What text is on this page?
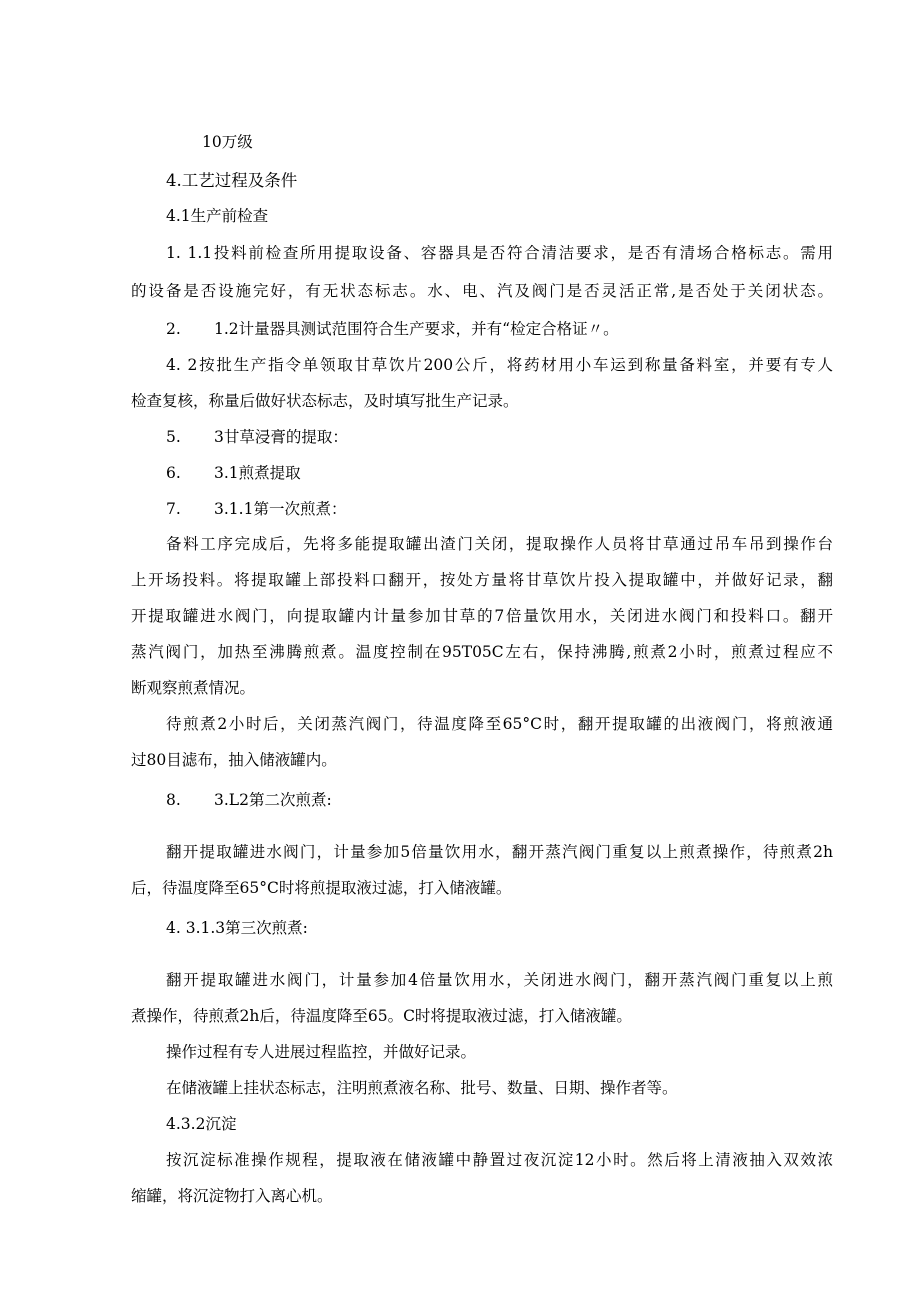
10万级

4.工艺过程及条件

4.1生产前检查

1. 1.1投料前检查所用提取设备、容器具是否符合清洁要求，是否有清场合格标志。需用

的设备是否设施完好，有无状态标志。水、电、汽及阀门是否灵活正常,是否处于关闭状态。

2. 1.2计量器具测试范围符合生产要求，并有“检定合格证〃。

4. 2按批生产指令单领取甘草饮片200公斤，将药材用小车运到称量备料室，并要有专人

检查复核，称量后做好状态标志，及时填写批生产记录。

5. 3甘草浸膏的提取：

6. 3.1煎煮提取

7. 3.1.1第一次煎煮：

备料工序完成后，先将多能提取罐出渣门关闭，提取操作人员将甘草通过吊车吊到操作台

上开场投料。将提取罐上部投料口翻开，按处方量将甘草饮片投入提取罐中，并做好记录，翻

开提取罐进水阀门，向提取罐内计量参加甘草的7倍量饮用水，关闭进水阀门和投料口。翻开

蒸汽阀门，加热至沸腾煎煮。温度控制在95T05C左右，保持沸腾,煎煮2小时，煎煮过程应不

断观察煎煮情况。

待煎煮2小时后，关闭蒸汽阀门，待温度降至65°C时，翻开提取罐的出液阀门，将煎液通

过80目滤布，抽入储液罐内。

8. 3.L2第二次煎煮:

翻开提取罐进水阀门，计量参加5倍量饮用水，翻开蒸汽阀门重复以上煎煮操作，待煎煮2h

后，待温度降至65°C时将煎提取液过滤，打入储液罐。

4. 3.1.3第三次煎煮:

翻开提取罐进水阀门，计量参加4倍量饮用水，关闭进水阀门，翻开蒸汽阀门重复以上煎

煮操作，待煎煮2h后，待温度降至65。C时将提取液过滤，打入储液罐。

操作过程有专人进展过程监控，并做好记录。

在储液罐上挂状态标志，注明煎煮液名称、批号、数量、日期、操作者等。

4.3.2沉淀

按沉淀标准操作规程，提取液在储液罐中静置过夜沉淀12小时。然后将上清液抽入双效浓

缩罐，将沉淀物打入离心机。
